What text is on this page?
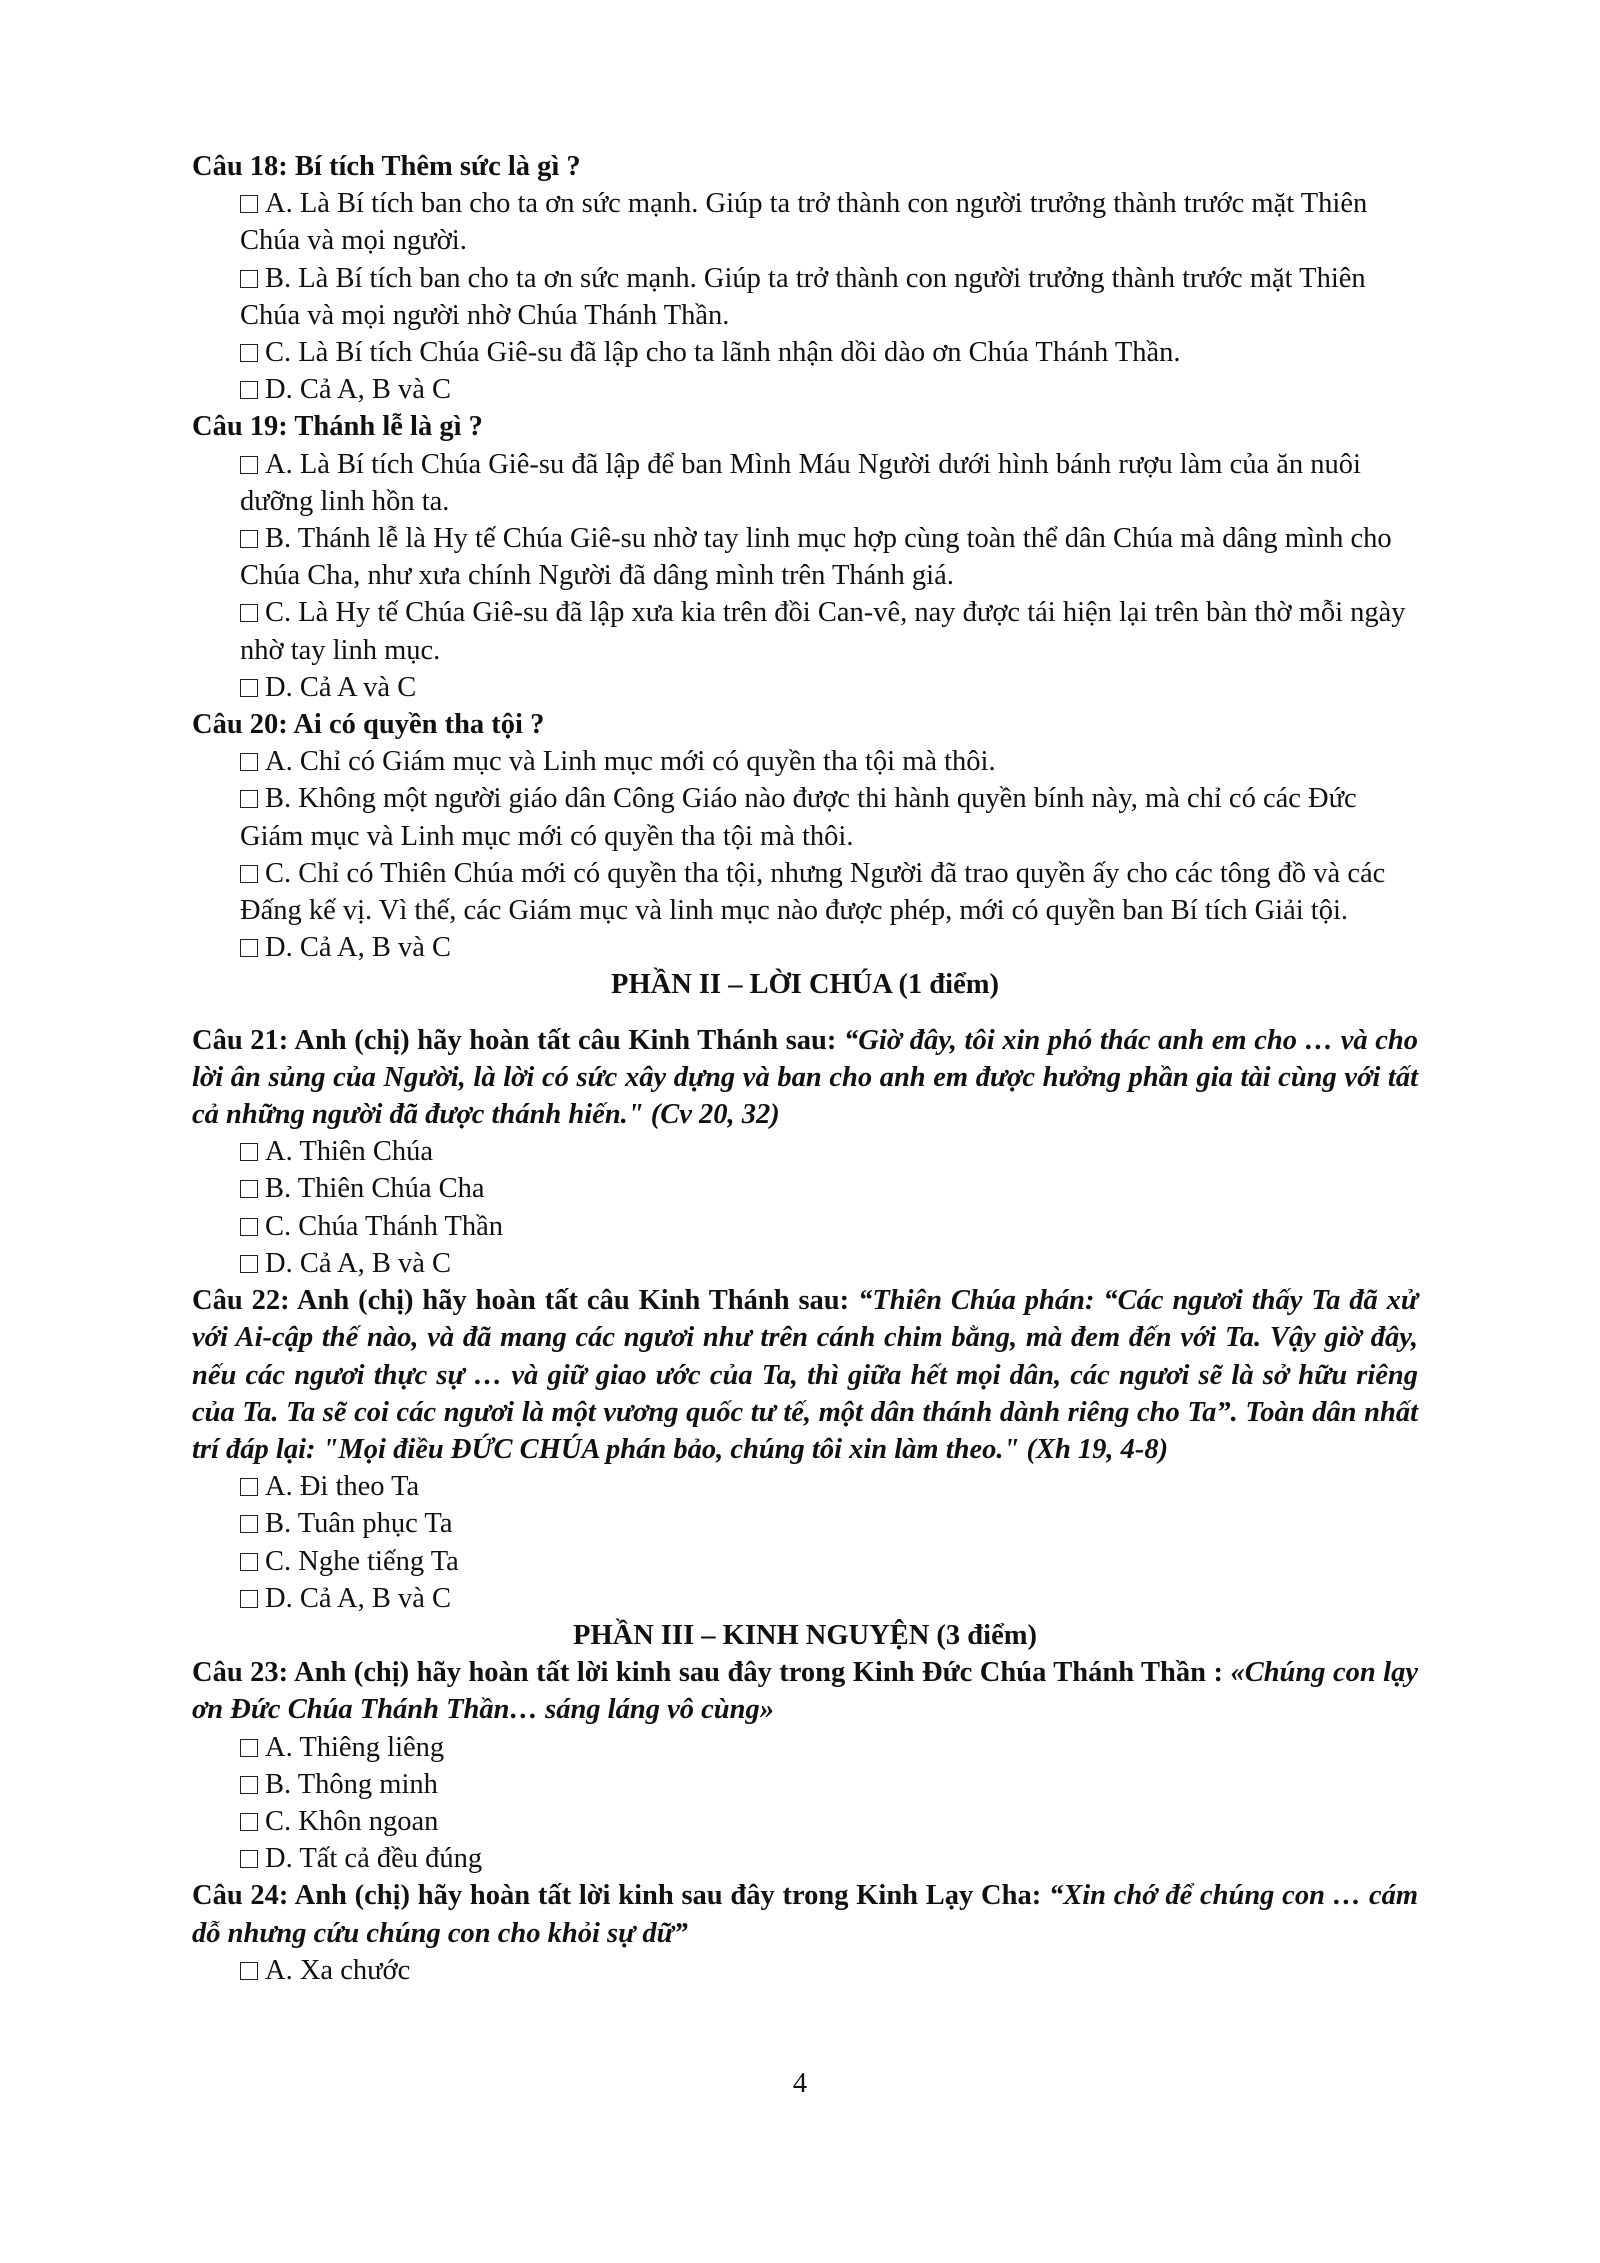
Câu 18: Bí tích Thêm sức là gì ?

A. Là Bí tích ban cho ta ơn sức mạnh. Giúp ta trở thành con người trưởng thành trước mặt Thiên Chúa và mọi người.

B. Là Bí tích ban cho ta ơn sức mạnh. Giúp ta trở thành con người trưởng thành trước mặt Thiên Chúa và mọi người nhờ Chúa Thánh Thần.

C. Là Bí tích Chúa Giê-su đã lập cho ta lãnh nhận dồi dào ơn Chúa Thánh Thần.

D. Cả A, B và C

Câu 19: Thánh lễ là gì ?

A. Là Bí tích Chúa Giê-su đã lập để ban Mình Máu Người dưới hình bánh rượu làm của ăn nuôi dưỡng linh hồn ta.

B. Thánh lễ là Hy tế Chúa Giê-su nhờ tay linh mục hợp cùng toàn thể dân Chúa mà dâng mình cho Chúa Cha, như xưa chính Người đã dâng mình trên Thánh giá.

C. Là Hy tế Chúa Giê-su đã lập xưa kia trên đồi Can-vê, nay được tái hiện lại trên bàn thờ mỗi ngày nhờ tay linh mục.

D. Cả A và C

Câu 20: Ai có quyền tha tội ?

A. Chỉ có Giám mục và Linh mục mới có quyền tha tội mà thôi.

B. Không một người giáo dân Công Giáo nào được thi hành quyền bính này, mà chỉ có các Đức Giám mục và Linh mục mới có quyền tha tội mà thôi.

C. Chỉ có Thiên Chúa mới có quyền tha tội, nhưng Người đã trao quyền ấy cho các tông đồ và các Đấng kế vị. Vì thế, các Giám mục và linh mục nào được phép, mới có quyền ban Bí tích Giải tội.

D. Cả A, B và C

PHẦN II – LỜI CHÚA (1 điểm)

Câu 21: Anh (chị) hãy hoàn tất câu Kinh Thánh sau: “Giờ đây, tôi xin phó thác anh em cho … và cho lời ân sủng của Người, là lời có sức xây dựng và ban cho anh em được hưởng phần gia tài cùng với tất cả những người đã được thánh hiến." (Cv 20, 32)

A. Thiên Chúa

B. Thiên Chúa Cha

C. Chúa Thánh Thần

D. Cả A, B và C

Câu 22: Anh (chị) hãy hoàn tất câu Kinh Thánh sau: “Thiên Chúa phán: “Các ngươi thấy Ta đã xử với Ai-cập thế nào, và đã mang các ngươi như trên cánh chim bằng, mà đem đến với Ta. Vậy giờ đây, nếu các ngươi thực sự … và giữ giao ước của Ta, thì giữa hết mọi dân, các ngươi sẽ là sở hữu riêng của Ta. Ta sẽ coi các ngươi là một vương quốc tư tế, một dân thánh dành riêng cho Ta”. Toàn dân nhất trí đáp lại: "Mọi điều ĐỨC CHÚA phán bảo, chúng tôi xin làm theo." (Xh 19, 4-8)

A. Đi theo Ta

B. Tuân phục Ta

C. Nghe tiếng Ta

D. Cả A, B và C

PHẦN III – KINH NGUYỆN (3 điểm)

Câu 23: Anh (chị) hãy hoàn tất lời kinh sau đây trong Kinh Đức Chúa Thánh Thần : «Chúng con lạy ơn Đức Chúa Thánh Thần… sáng láng vô cùng»

A. Thiêng liêng

B. Thông minh

C. Khôn ngoan

D. Tất cả đều đúng

Câu 24: Anh (chị) hãy hoàn tất lời kinh sau đây trong Kinh Lạy Cha: “Xin chớ để chúng con … cám dỗ nhưng cứu chúng con cho khỏi sự dữ”

A. Xa chước

4
